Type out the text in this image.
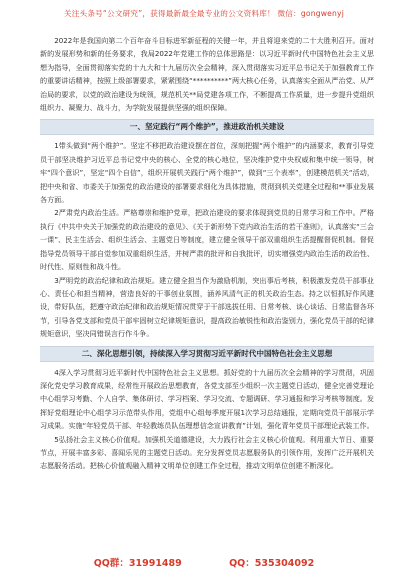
关注头条号“公文研究”，获得最新最全最专业的公文资料库！ 微信：gongwenyj

2022年是我国向第二个百年奋斗目标进军新征程的关键一年，并且将迎来党的二十大胜利召开。面对新的发展形势和新的任务要求，我局2022年党建工作的总体思路是：以习近平新时代中国特色社会主义思想为指导，全面贯彻落实党的十九大和十九届历次全会精神，深入贯彻落实习近平总书记关于加强教育工作的重要讲话精神，按照上级部署要求，紧紧围绕“**********”两大核心任务，认真落实全面从严治党、从严治局的要求，以党的政治建设为统领，规范机关**局党建各项工作，不断提高工作质量，进一步提升党组织组织力、凝聚力、战斗力，为学院发展提供坚强的组织保障。

一、坚定践行“两个维护”，推进政治机关建设

1带头做到“两个维护”。坚定不移把政治建设摆在首位，深刻把握“两个维护”的内涵要求，教育引导党员干部坚决维护习近平总书记党中央的核心、全党的核心地位，坚决维护党中央权威和集中统一领导，树牢“四个意识”，坚定“四个自信”，组织开展机关践行“两个维护”，做到“三个表率”，创建模范机关“活动，把中央和省、市委关于加强党的政治建设的部署要求细化为具体措施，贯彻到机关党建全过程和**事业发展各方面。

2严肃党内政治生活。严格尊崇和维护党章，把政治建设的要求体现到党员的日常学习和工作中。严格执行《中共中央关于加强党的政治建设的意见》、《关于新形势下党内政治生活的若干准则》，认真落实“三会一课”、民主生活会、组织生活会、主题党日等制度，建立健全领导干部双重组织生活提醒督促机制。督促指导党员领导干部自觉参加双重组织生活，并树严肃的批评和自我批评，切实增强党内政治生活的政治性、时代性、原则性和战斗性。

3严明党的政治纪律和政治规矩。建立健全担当作为激励机制，突出事后考核，积极激发党员干部事业心、责任心和担当精神，营造良好的干事创业氛围，涵养风清气正的机关政治生态。持之以恒抓好作风建设，带好队伍，把遵守政治纪律和政治规矩情况贯穿于干部选拔任用、日常考核、谈心谈话、日常监督各环节，引导各党支部和党员干部牢固树立纪律规矩意识，提高政治敏锐性和政治鉴别力，强化党员干部的纪律规矩意识，坚决同错误言行作斗争。

二、深化思想引领，持续深入学习贯彻习近平新时代中国特色社会主义思想

4深入学习贯彻习近平新时代中国特色社会主义思想。抓好党的十九届历次全会精神的学习贯彻，巩固深化党史学习教育成果，经常性开展政治思想教育，各党支部至少组织一次主题党日活动，健全完善党理论中心组学习考勤、个人自学、集体研讨、学习档案、学习交流、专题调研、学习通报和学习考核等制度。发挥好党组理论中心组学习示范带头作用，党组中心组每季度开展1次学习总结通报，定期向党员干部展示学习成果。实施“年轻党员干部、年轻教练员队伍理想信念宣讲教育”计划，强化青年党员干部理论武装工作。

5弘扬社会主义核心价值观。加强机关道德建设，大力践行社会主义核心价值观。利用重大节日、重要节点，开展丰富多彩、喜闻乐见的主题党日活动。充分发挥党员志愿服务队的引领作用，发挥广泛开展机关志愿服务活动。把核心价值观融入精神文明单位创建工作全过程，推动文明单位创建不断深化。

QQ群：31991489	QQ：535304092
